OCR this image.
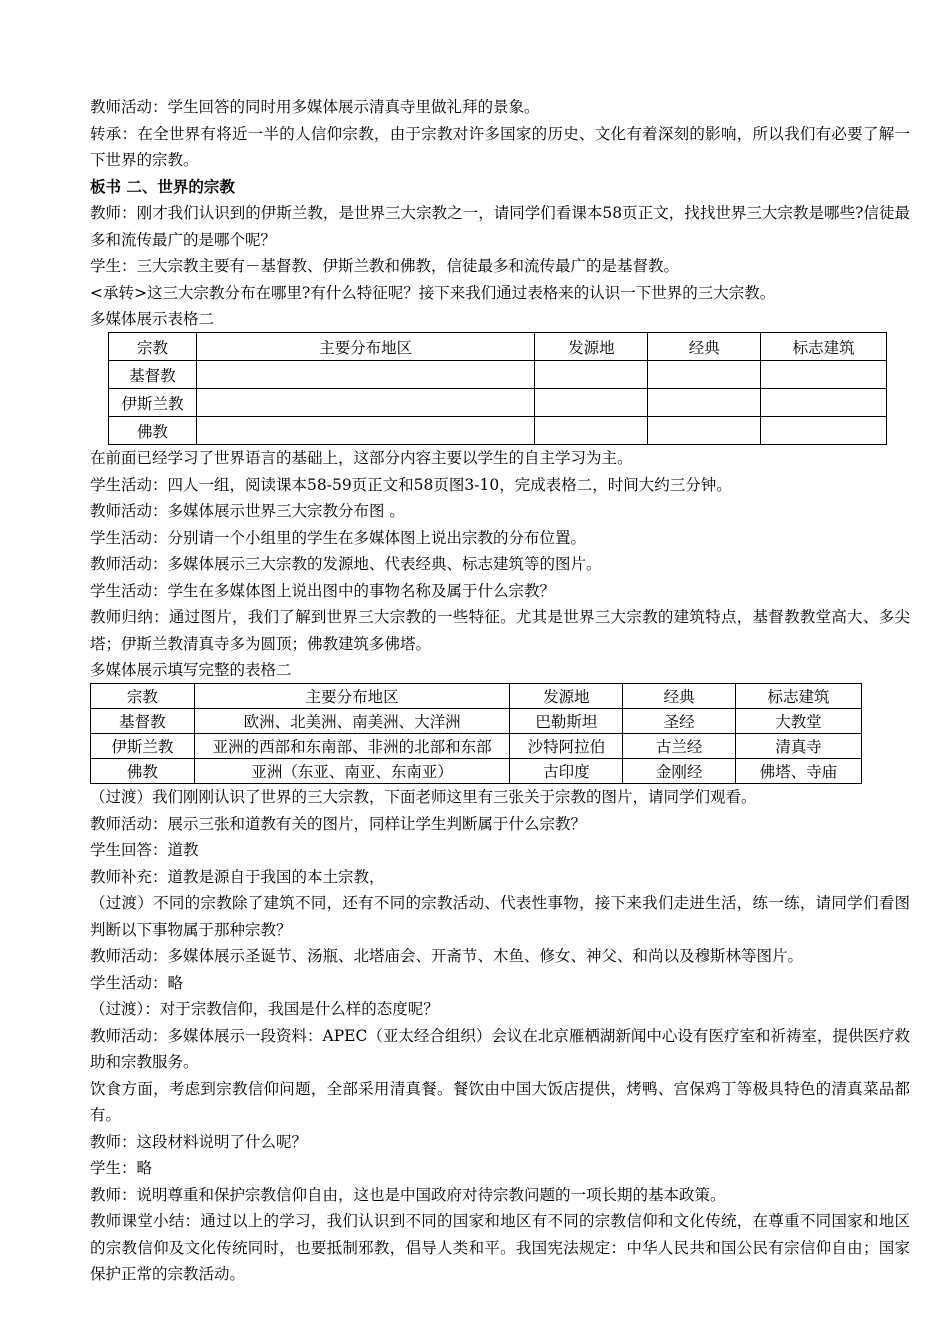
教师活动：学生回答的同时用多媒体展示清真寺里做礼拜的景象。

转承：在全世界有将近一半的人信仰宗教，由于宗教对许多国家的历史、文化有着深刻的影响，所以我们有必要了解一下世界的宗教。

板书 二、世界的宗教

教师：刚才我们认识到的伊斯兰教，是世界三大宗教之一，请同学们看课本58页正文，找找世界三大宗教是哪些?信徒最多和流传最广的是哪个呢？

学生：三大宗教主要有－基督教、伊斯兰教和佛教，信徒最多和流传最广的是基督教。

<承转>这三大宗教分布在哪里?有什么特征呢？接下来我们通过表格来的认识一下世界的三大宗教。

多媒体展示表格二

宗教	主要分布地区	发源地	经典	标志建筑
基督教				
伊斯兰教				
佛教				

在前面已经学习了世界语言的基础上，这部分内容主要以学生的自主学习为主。

学生活动：四人一组，阅读课本58-59页正文和58页图3-10，完成表格二，时间大约三分钟。

教师活动：多媒体展示世界三大宗教分布图 。

学生活动：分别请一个小组里的学生在多媒体图上说出宗教的分布位置。

教师活动：多媒体展示三大宗教的发源地、代表经典、标志建筑等的图片。

学生活动：学生在多媒体图上说出图中的事物名称及属于什么宗教？

教师归纳：通过图片，我们了解到世界三大宗教的一些特征。尤其是世界三大宗教的建筑特点，基督教教堂高大、多尖塔；伊斯兰教清真寺多为圆顶；佛教建筑多佛塔。

多媒体展示填写完整的表格二

宗教	主要分布地区	发源地	经典	标志建筑
基督教	欧洲、北美洲、南美洲、大洋洲	巴勒斯坦	圣经	大教堂
伊斯兰教	亚洲的西部和东南部、非洲的北部和东部	沙特阿拉伯	古兰经	清真寺
佛教	亚洲（东亚、南亚、东南亚）	古印度	金刚经	佛塔、寺庙

（过渡）我们刚刚认识了世界的三大宗教，下面老师这里有三张关于宗教的图片，请同学们观看。

教师活动：展示三张和道教有关的图片，同样让学生判断属于什么宗教？

学生回答：道教

教师补充：道教是源自于我国的本土宗教，

（过渡）不同的宗教除了建筑不同，还有不同的宗教活动、代表性事物，接下来我们走进生活，练一练，请同学们看图判断以下事物属于那种宗教？

教师活动：多媒体展示圣诞节、汤瓶、北塔庙会、开斋节、木鱼、修女、神父、和尚以及穆斯林等图片。

学生活动：略

（过渡）：对于宗教信仰，我国是什么样的态度呢？

教师活动：多媒体展示一段资料：APEC（亚太经合组织）会议在北京雁栖湖新闻中心设有医疗室和祈祷室，提供医疗救助和宗教服务。

饮食方面，考虑到宗教信仰问题，全部采用清真餐。餐饮由中国大饭店提供，烤鸭、宫保鸡丁等极具特色的清真菜品都有。

教师：这段材料说明了什么呢？

学生：略

教师：说明尊重和保护宗教信仰自由，这也是中国政府对待宗教问题的一项长期的基本政策。

教师课堂小结：通过以上的学习，我们认识到不同的国家和地区有不同的宗教信仰和文化传统，在尊重不同国家和地区的宗教信仰及文化传统同时，也要抵制邪教，倡导人类和平。我国宪法规定：中华人民共和国公民有宗信仰自由；国家保护正常的宗教活动。
